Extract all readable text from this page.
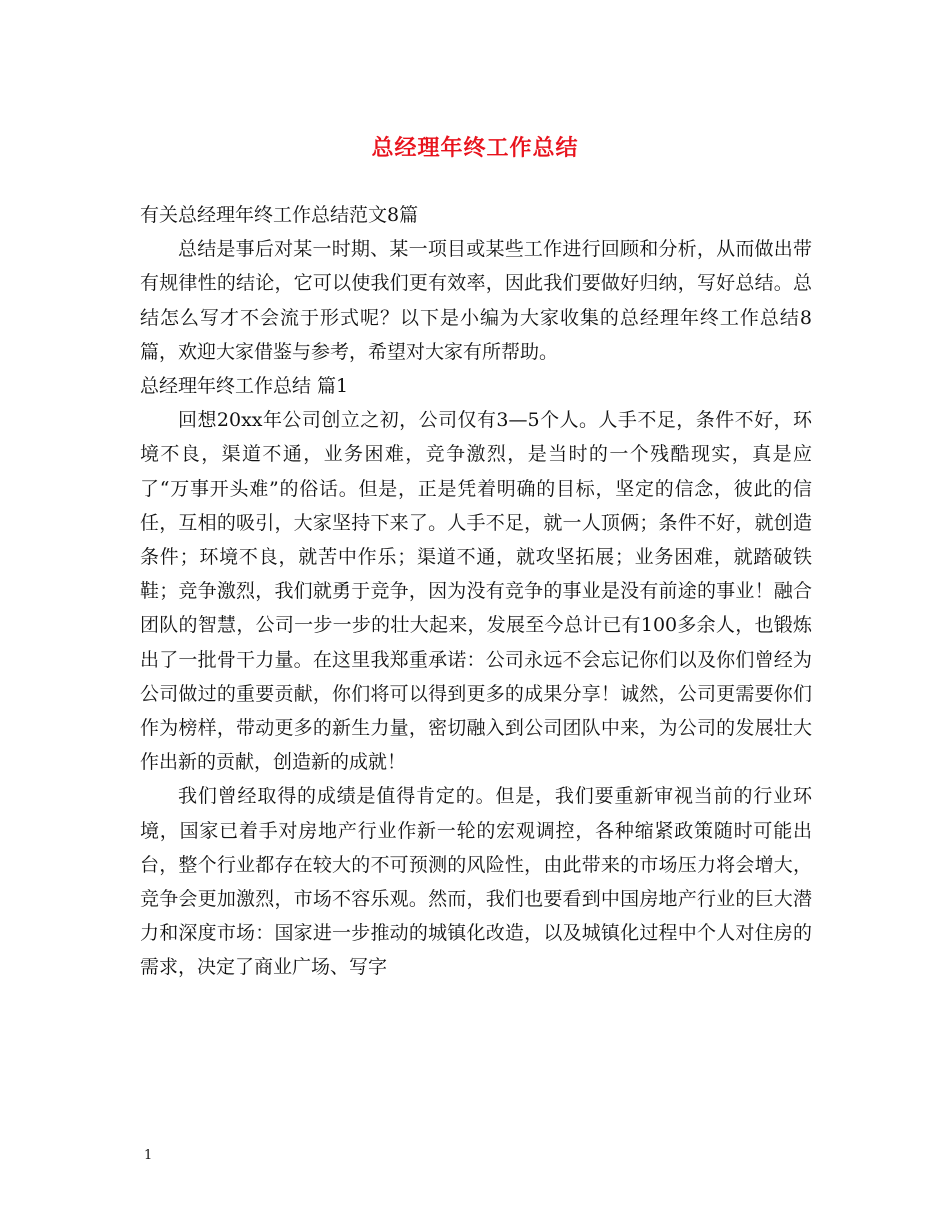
总经理年终工作总结

有关总经理年终工作总结范文8篇

总结是事后对某一时期、某一项目或某些工作进行回顾和分析，从而做出带有规律性的结论，它可以使我们更有效率，因此我们要做好归纳，写好总结。总结怎么写才不会流于形式呢？以下是小编为大家收集的总经理年终工作总结8篇，欢迎大家借鉴与参考，希望对大家有所帮助。

总经理年终工作总结 篇1

回想20xx年公司创立之初，公司仅有3—5个人。人手不足，条件不好，环境不良，渠道不通，业务困难，竞争激烈，是当时的一个残酷现实，真是应了“万事开头难”的俗话。但是，正是凭着明确的目标，坚定的信念，彼此的信任，互相的吸引，大家坚持下来了。人手不足，就一人顶俩；条件不好，就创造条件；环境不良，就苦中作乐；渠道不通，就攻坚拓展；业务困难，就踏破铁鞋；竞争激烈，我们就勇于竞争，因为没有竞争的事业是没有前途的事业！融合团队的智慧，公司一步一步的壮大起来，发展至今总计已有100多余人，也锻炼出了一批骨干力量。在这里我郑重承诺：公司永远不会忘记你们以及你们曾经为公司做过的重要贡献，你们将可以得到更多的成果分享！诚然，公司更需要你们作为榜样，带动更多的新生力量，密切融入到公司团队中来，为公司的发展壮大作出新的贡献，创造新的成就！

我们曾经取得的成绩是值得肯定的。但是，我们要重新审视当前的行业环境，国家已着手对房地产行业作新一轮的宏观调控，各种缩紧政策随时可能出台，整个行业都存在较大的不可预测的风险性，由此带来的市场压力将会增大，竞争会更加激烈，市场不容乐观。然而，我们也要看到中国房地产行业的巨大潜力和深度市场：国家进一步推动的城镇化改造，以及城镇化过程中个人对住房的需求，决定了商业广场、写字

1
